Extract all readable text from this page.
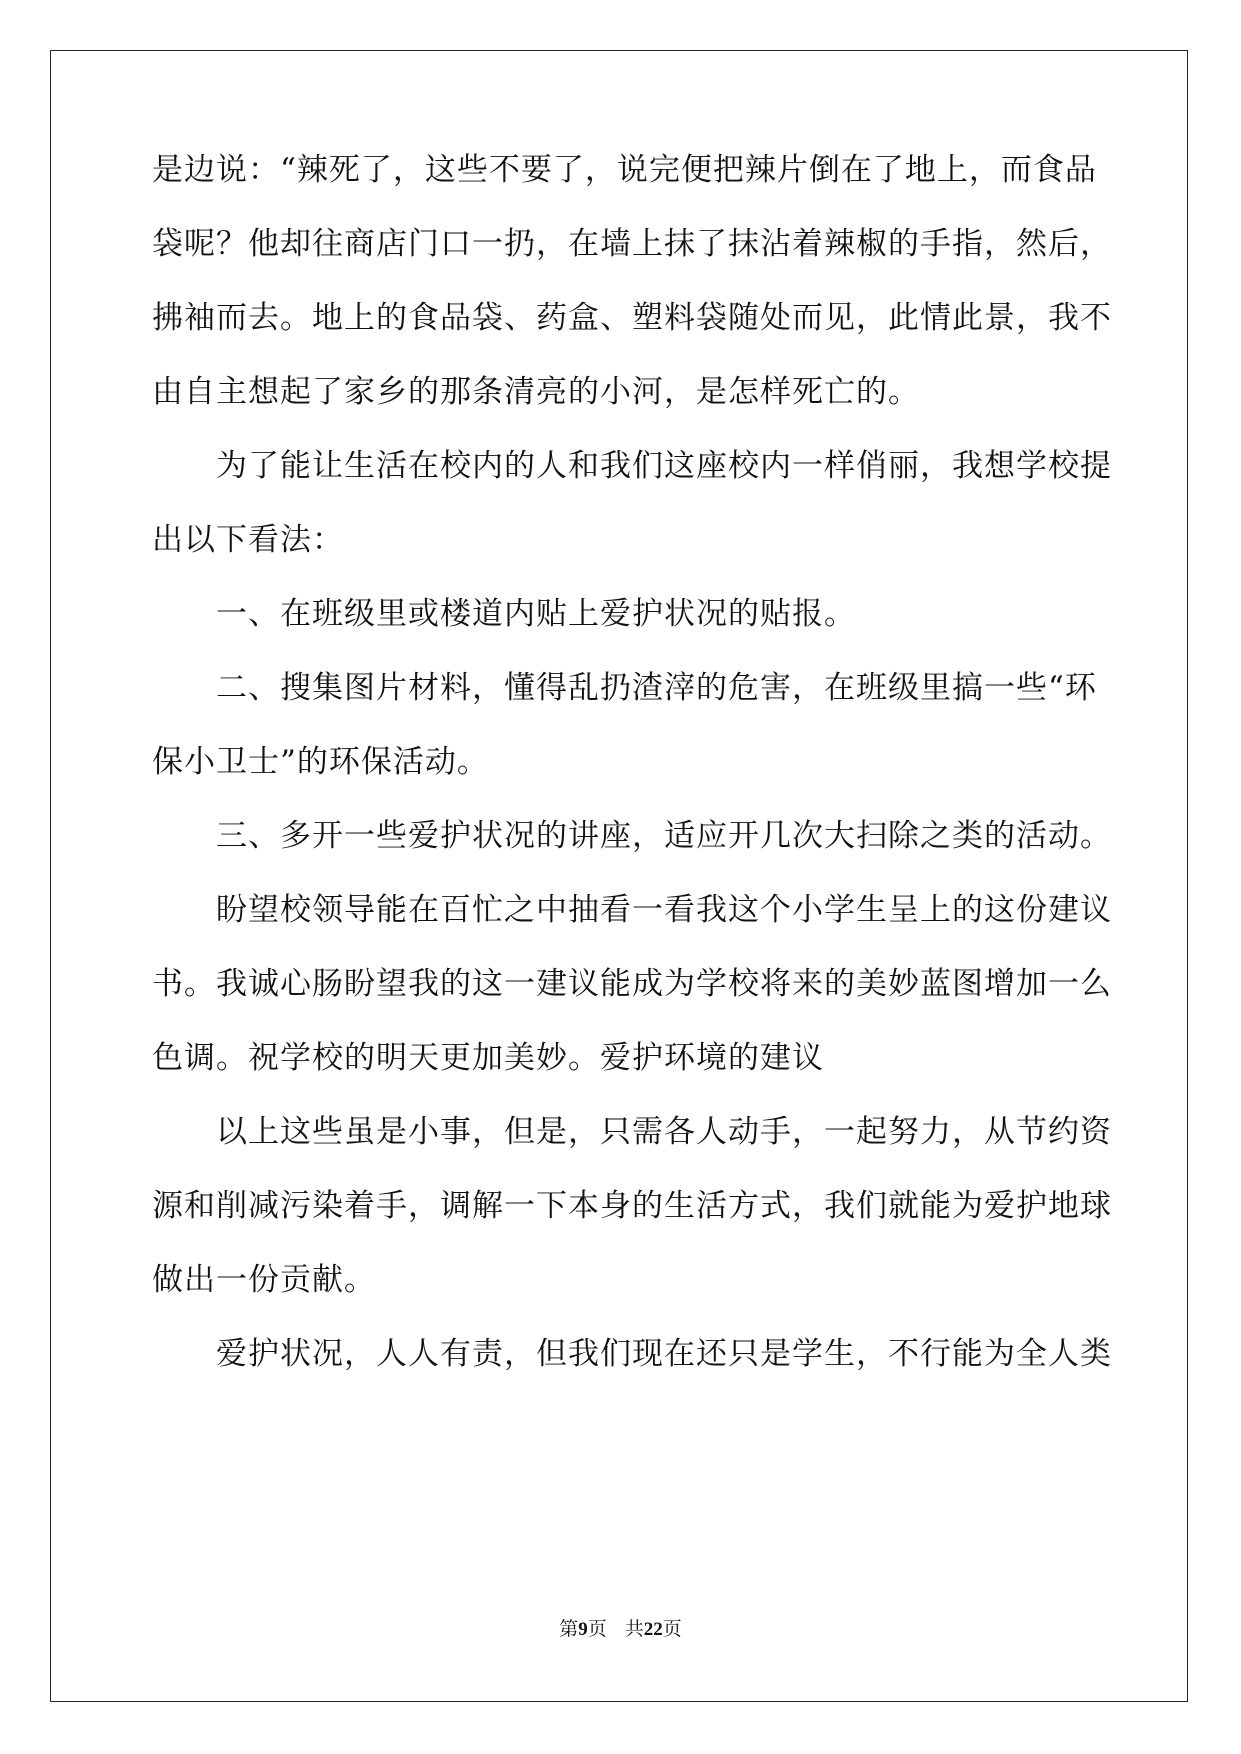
是边说：“辣死了，这些不要了，说完便把辣片倒在了地上，而食品
袋呢？他却往商店门口一扔，在墙上抹了抹沾着辣椒的手指，然后，
拂袖而去。地上的食品袋、药盒、塑料袋随处而见，此情此景，我不
由自主想起了家乡的那条清亮的小河，是怎样死亡的。
　　为了能让生活在校内的人和我们这座校内一样俏丽，我想学校提
出以下看法：
　　一、在班级里或楼道内贴上爱护状况的贴报。
　　二、搜集图片材料，懂得乱扔渣滓的危害，在班级里搞一些“环
保小卫士”的环保活动。
　　三、多开一些爱护状况的讲座，适应开几次大扫除之类的活动。
　　盼望校领导能在百忙之中抽看一看我这个小学生呈上的这份建议
书。我诚心肠盼望我的这一建议能成为学校将来的美妙蓝图增加一么
色调。祝学校的明天更加美妙。爱护环境的建议
　　以上这些虽是小事，但是，只需各人动手，一起努力，从节约资
源和削减污染着手，调解一下本身的生活方式，我们就能为爱护地球
做出一份贡献。
　　爱护状况，人人有责，但我们现在还只是学生，不行能为全人类
第9页 共22页
